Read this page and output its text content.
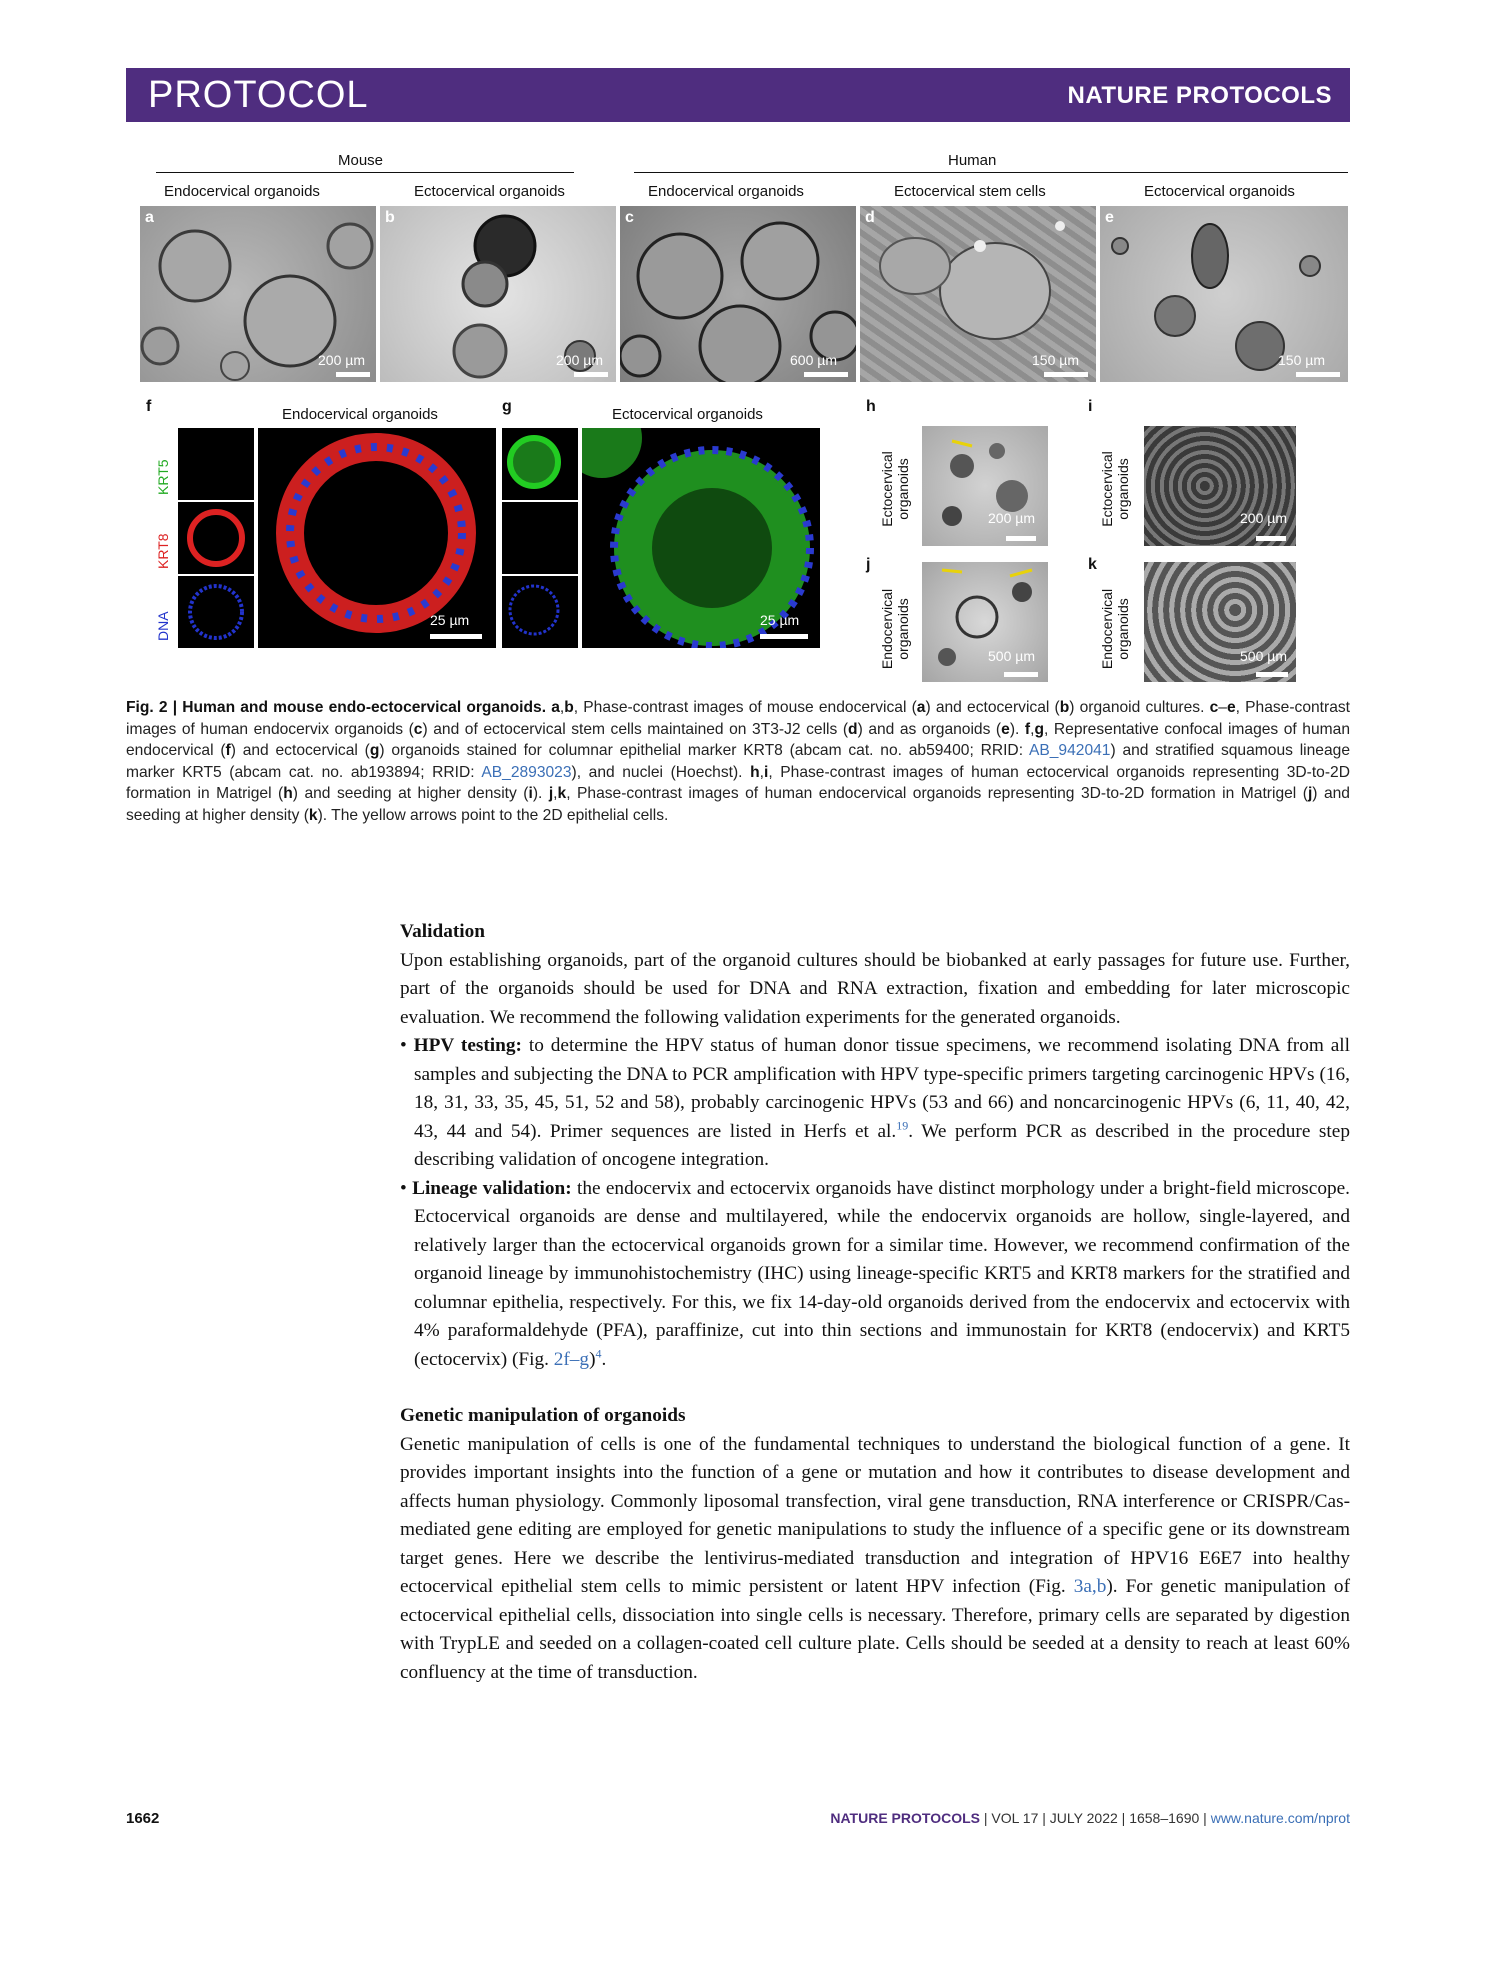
PROTOCOL	NATURE PROTOCOLS
Mouse	Human
Endocervical organoids	Ectocervical organoids	Endocervical organoids	Ectocervical stem cells	Ectocervical organoids
a
200 µm
b
200 µm
c
600 µm
d
150 µm
e
150 µm
f	Endocervical organoids
KRT5
KRT8
DNA	25 µm
g	Ectocervical organoids
25 µm
h
Ectocervical
organoids	200 µm
i
Ectocervical
organoids	200 µm
j
Endocervical
organoids	500 µm
k
Endocervical
organoids	500 µm
Fig. 2 | Human and mouse endo-ectocervical organoids. a,b, Phase-contrast images of mouse endocervical (a) and ectocervical (b) organoid cultures. c–e, Phase-contrast images of human endocervix organoids (c) and of ectocervical stem cells maintained on 3T3-J2 cells (d) and as organoids (e). f,g, Representative confocal images of human endocervical (f) and ectocervical (g) organoids stained for columnar epithelial marker KRT8 (abcam cat. no. ab59400; RRID: AB_942041) and stratified squamous lineage marker KRT5 (abcam cat. no. ab193894; RRID: AB_2893023), and nuclei (Hoechst). h,i, Phase-contrast images of human ectocervical organoids representing 3D-to-2D formation in Matrigel (h) and seeding at higher density (i). j,k, Phase-contrast images of human endocervical organoids representing 3D-to-2D formation in Matrigel (j) and seeding at higher density (k). The yellow arrows point to the 2D epithelial cells.
Validation

Upon establishing organoids, part of the organoid cultures should be biobanked at early passages for future use. Further, part of the organoids should be used for DNA and RNA extraction, fixation and embedding for later microscopic evaluation. We recommend the following validation experiments for the generated organoids.

• HPV testing: to determine the HPV status of human donor tissue specimens, we recommend isolating DNA from all samples and subjecting the DNA to PCR amplification with HPV type-specific primers targeting carcinogenic HPVs (16, 18, 31, 33, 35, 45, 51, 52 and 58), probably carcinogenic HPVs (53 and 66) and noncarcinogenic HPVs (6, 11, 40, 42, 43, 44 and 54). Primer sequences are listed in Herfs et al.$^{19}$. We perform PCR as described in the procedure step describing validation of oncogene integration.

• Lineage validation: the endocervix and ectocervix organoids have distinct morphology under a bright-field microscope. Ectocervical organoids are dense and multilayered, while the endocervix organoids are hollow, single-layered, and relatively larger than the ectocervical organoids grown for a similar time. However, we recommend confirmation of the organoid lineage by immunohistochemistry (IHC) using lineage-specific KRT5 and KRT8 markers for the stratified and columnar epithelia, respectively. For this, we fix 14-day-old organoids derived from the endocervix and ectocervix with 4% paraformaldehyde (PFA), paraffinize, cut into thin sections and immunostain for KRT8 (endocervix) and KRT5 (ectocervix) (Fig. 2f–g)$^4$.

Genetic manipulation of organoids

Genetic manipulation of cells is one of the fundamental techniques to understand the biological function of a gene. It provides important insights into the function of a gene or mutation and how it contributes to disease development and affects human physiology. Commonly liposomal transfection, viral gene transduction, RNA interference or CRISPR/Cas-mediated gene editing are employed for genetic manipulations to study the influence of a specific gene or its downstream target genes. Here we describe the lentivirus-mediated transduction and integration of HPV16 E6E7 into healthy ectocervical epithelial stem cells to mimic persistent or latent HPV infection (Fig. 3a,b). For genetic manipulation of ectocervical epithelial cells, dissociation into single cells is necessary. Therefore, primary cells are separated by digestion with TrypLE and seeded on a collagen-coated cell culture plate. Cells should be seeded at a density to reach at least 60% confluency at the time of transduction.

1662	NATURE PROTOCOLS | VOL 17 | JULY 2022 | 1658–1690 | www.nature.com/nprot
